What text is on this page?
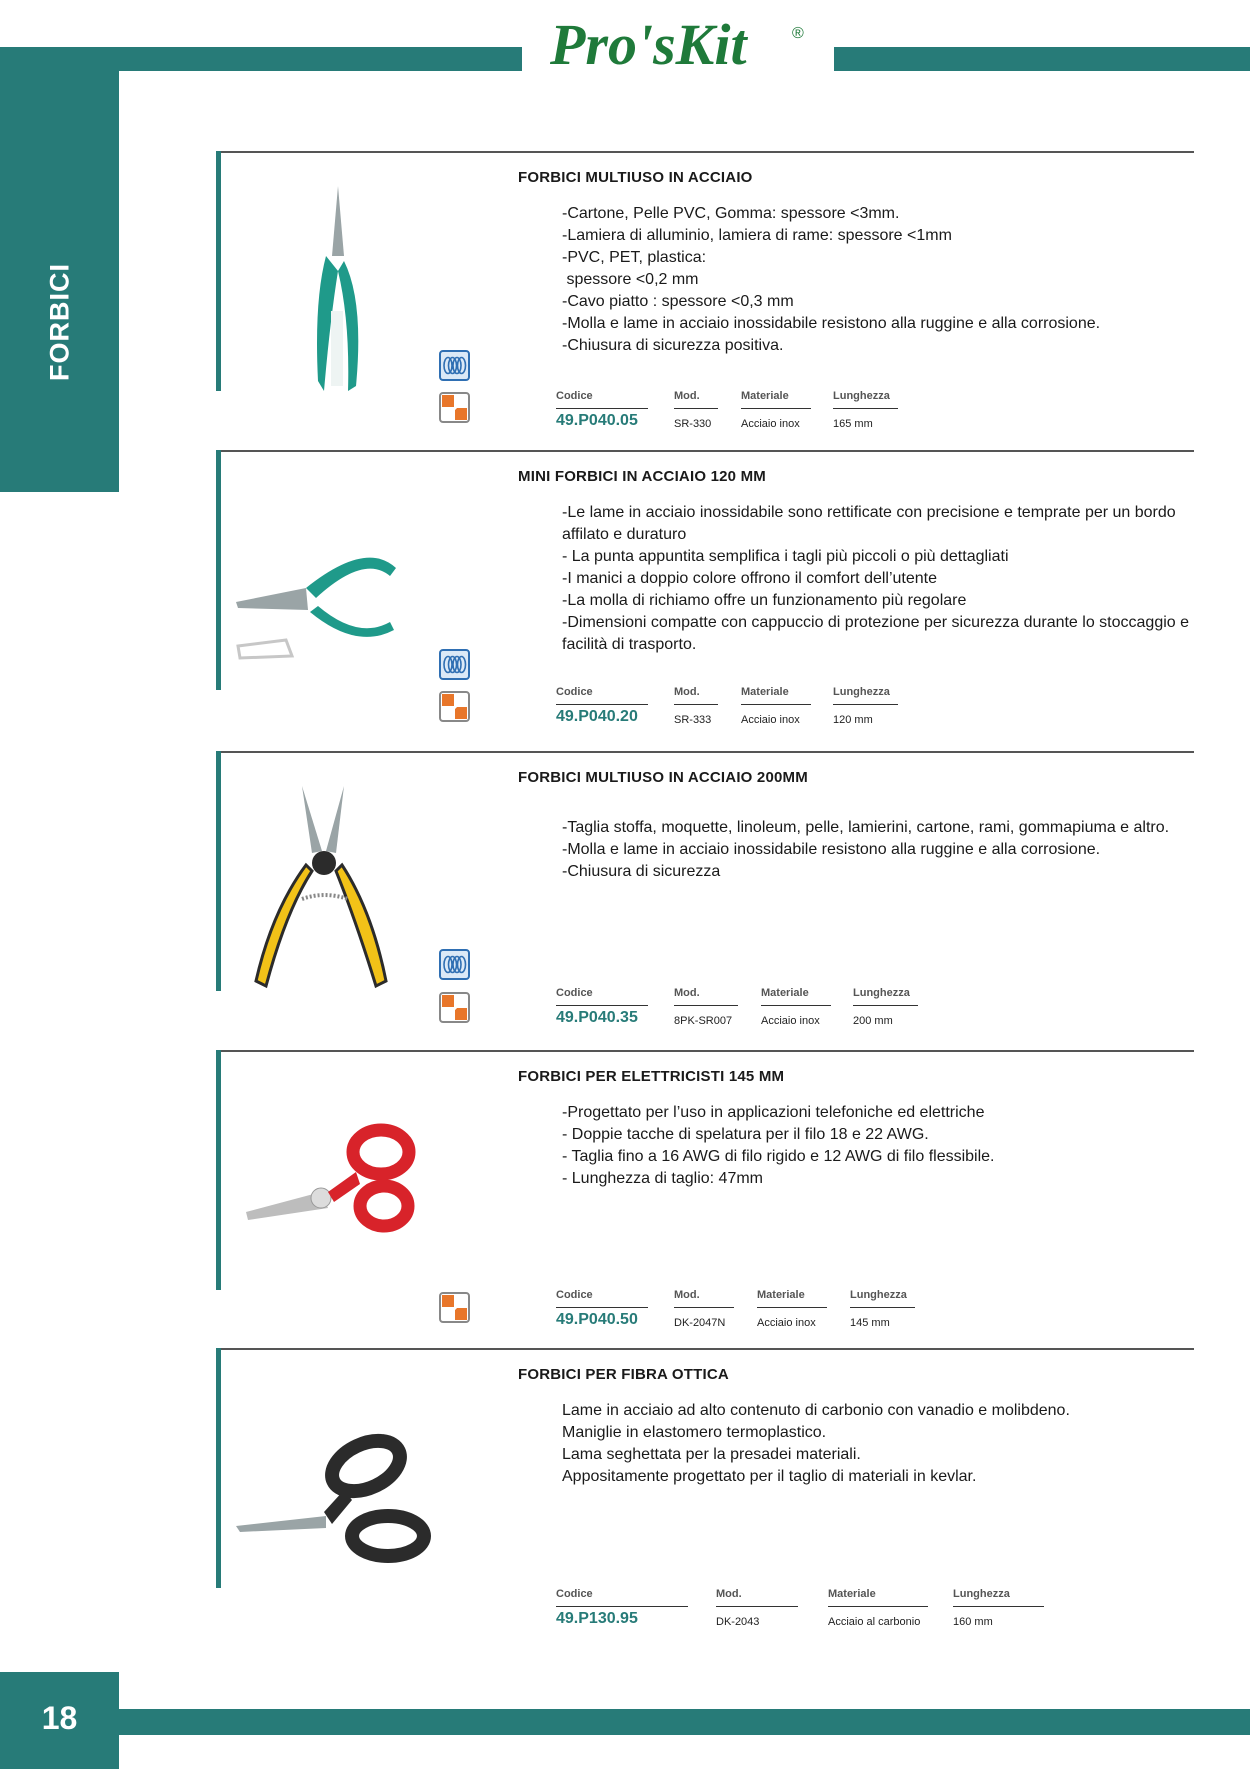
Pro'sKit	®
FORBICI
FORBICI MULTIUSO IN ACCIAIO
-Cartone, Pelle PVC, Gomma: spessore <3mm.
-Lamiera di alluminio, lamiera di rame: spessore <1mm
-PVC, PET, plastica:
spessore <0,2 mm
-Cavo piatto : spessore <0,3 mm
-Molla e lame in acciaio inossidabile resistono alla ruggine e alla corrosione.
-Chiusura di sicurezza positiva.
Codice	Mod.	Materiale	Lunghezza
49.P040.05	SR-330	Acciaio inox	165 mm
MINI FORBICI IN ACCIAIO 120 MM
-Le lame in acciaio inossidabile sono rettificate con precisione e temprate per un bordo affilato e duraturo
- La punta appuntita semplifica i tagli più piccoli o più dettagliati
-I manici a doppio colore offrono il comfort dell’utente
-La molla di richiamo offre un funzionamento più regolare
-Dimensioni compatte con cappuccio di protezione per sicurezza durante lo stoccaggio e facilità di trasporto.
Codice	Mod.	Materiale	Lunghezza
49.P040.20	SR-333	Acciaio inox	120 mm
FORBICI MULTIUSO IN ACCIAIO 200MM
-Taglia stoffa, moquette, linoleum, pelle, lamierini, cartone, rami, gommapiuma e altro.
-Molla e lame in acciaio inossidabile resistono alla ruggine e alla corrosione.
-Chiusura di sicurezza
Codice	Mod.	Materiale	Lunghezza
49.P040.35	8PK-SR007	Acciaio inox	200 mm
FORBICI PER ELETTRICISTI 145 MM
-Progettato per l’uso in applicazioni telefoniche ed elettriche
- Doppie tacche di spelatura per il filo 18 e 22 AWG.
- Taglia fino a 16 AWG di filo rigido e 12 AWG di filo flessibile.
- Lunghezza di taglio: 47mm
Codice	Mod.	Materiale	Lunghezza
49.P040.50	DK-2047N	Acciaio inox	145 mm
FORBICI PER FIBRA OTTICA
Lame in acciaio ad alto contenuto di carbonio con vanadio e molibdeno.
Maniglie in elastomero termoplastico.
Lama seghettata per la presadei materiali.
Appositamente progettato per il taglio di materiali in kevlar.
Codice	Mod.	Materiale	Lunghezza
49.P130.95	DK-2043	Acciaio al carbonio	160 mm
18
